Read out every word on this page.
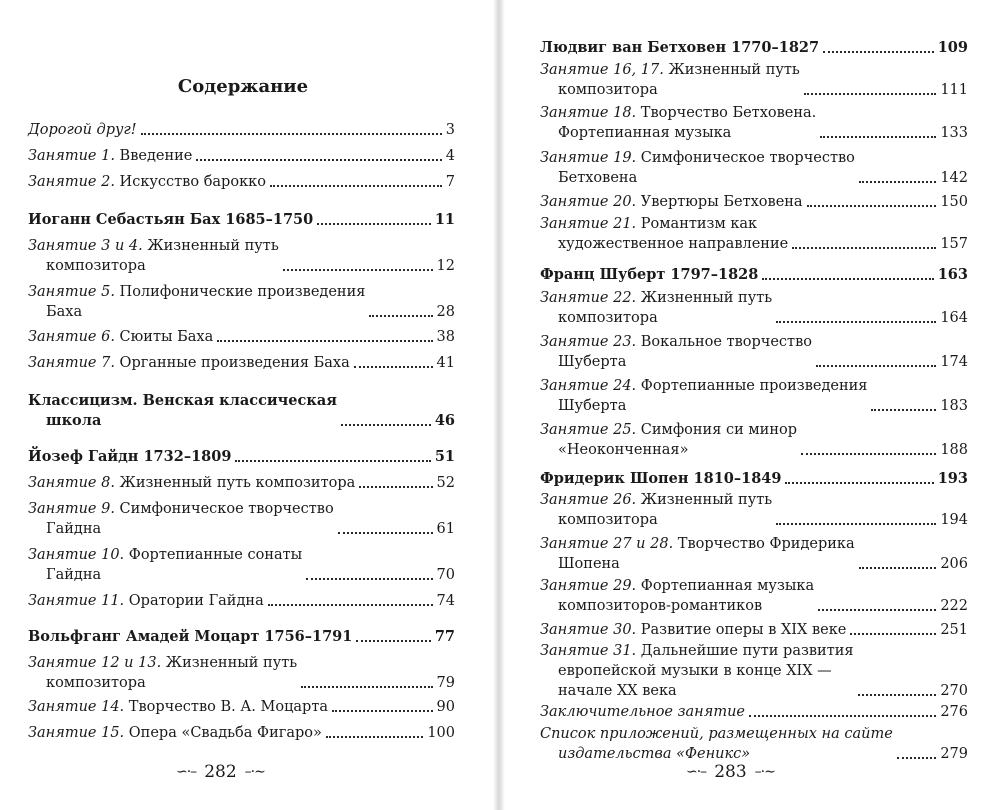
Содержание
Дорогой друг!	3
Занятие 1. Введение	4
Занятие 2. Искусство барокко	7
Иоганн Себастьян Бах 1685–1750	11
Занятие 3 и 4. Жизненный путь
композитора	12
Занятие 5. Полифонические произведения
Баха	28
Занятие 6. Сюиты Баха	38
Занятие 7. Органные произведения Баха	41
Классицизм. Венская классическая
школа	46
Йозеф Гайдн 1732–1809	51
Занятие 8. Жизненный путь композитора	52
Занятие 9. Симфоническое творчество
Гайдна	61
Занятие 10. Фортепианные сонаты
Гайдна	70
Занятие 11. Оратории Гайдна	74
Вольфганг Амадей Моцарт 1756–1791	77
Занятие 12 и 13. Жизненный путь
композитора	79
Занятие 14. Творчество В. А. Моцарта	90
Занятие 15. Опера «Свадьба Фигаро»	100
∽·– 282 –·∼
Людвиг ван Бетховен 1770–1827	109
Занятие 16, 17. Жизненный путь
композитора	111
Занятие 18. Творчество Бетховена.
Фортепианная музыка	133
Занятие 19. Симфоническое творчество
Бетховена	142
Занятие 20. Увертюры Бетховена	150
Занятие 21. Романтизм как
художественное направление	157
Франц Шуберт 1797–1828	163
Занятие 22. Жизненный путь
композитора	164
Занятие 23. Вокальное творчество
Шуберта	174
Занятие 24. Фортепианные произведения
Шуберта	183
Занятие 25. Симфония си минор
«Неоконченная»	188
Фридерик Шопен 1810–1849	193
Занятие 26. Жизненный путь
композитора	194
Занятие 27 и 28. Творчество Фридерика
Шопена	206
Занятие 29. Фортепианная музыка
композиторов-романтиков	222
Занятие 30. Развитие оперы в XIX веке	251
Занятие 31. Дальнейшие пути развития
европейской музыки в конце XIX —
начале XX века	270
Заключительное занятие	276
Список приложений, размещенных на сайте
издательства «Феникс»	279
∽·– 283 –·∼
